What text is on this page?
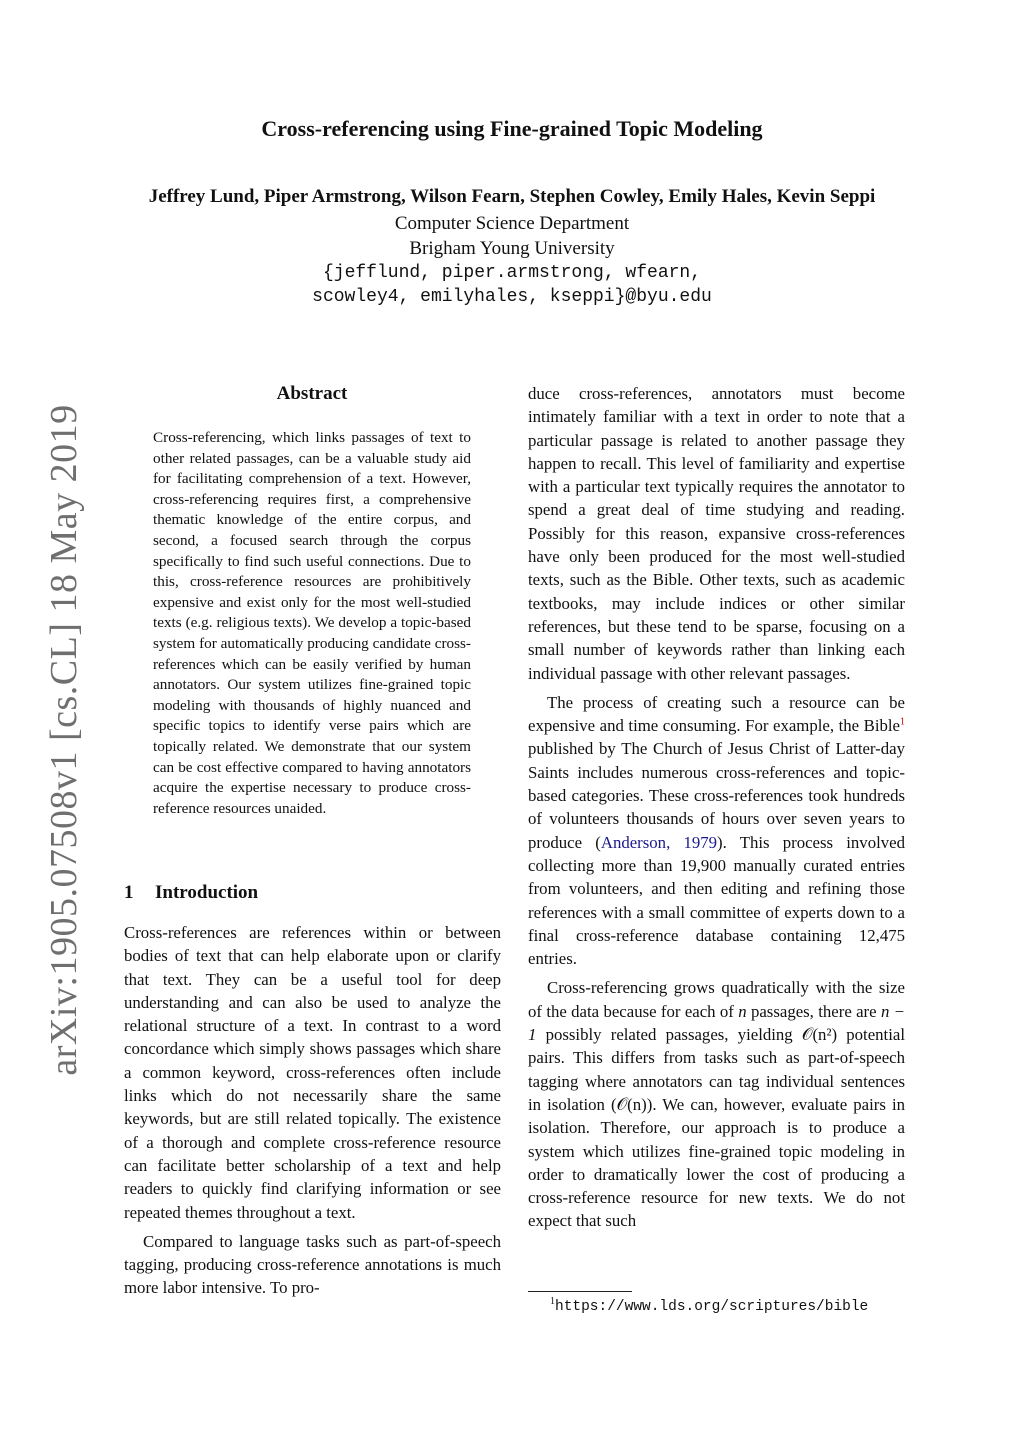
arXiv:1905.07508v1 [cs.CL] 18 May 2019
Cross-referencing using Fine-grained Topic Modeling
Jeffrey Lund, Piper Armstrong, Wilson Fearn, Stephen Cowley, Emily Hales, Kevin Seppi
Computer Science Department
Brigham Young University
{jefflund, piper.armstrong, wfearn,
scowley4, emilyhales, kseppi}@byu.edu
Abstract
Cross-referencing, which links passages of text to other related passages, can be a valuable study aid for facilitating comprehension of a text. However, cross-referencing requires first, a comprehensive thematic knowledge of the entire corpus, and second, a focused search through the corpus specifically to find such useful connections. Due to this, cross-reference resources are prohibitively expensive and exist only for the most well-studied texts (e.g. religious texts). We develop a topic-based system for automatically producing candidate cross-references which can be easily verified by human annotators. Our system utilizes fine-grained topic modeling with thousands of highly nuanced and specific topics to identify verse pairs which are topically related. We demonstrate that our system can be cost effective compared to having annotators acquire the expertise necessary to produce cross-reference resources unaided.
1 Introduction

Cross-references are references within or between bodies of text that can help elaborate upon or clarify that text. They can be a useful tool for deep understanding and can also be used to analyze the relational structure of a text. In contrast to a word concordance which simply shows passages which share a common keyword, cross-references often include links which do not necessarily share the same keywords, but are still related topically. The existence of a thorough and complete cross-reference resource can facilitate better scholarship of a text and help readers to quickly find clarifying information or see repeated themes throughout a text.

Compared to language tasks such as part-of-speech tagging, producing cross-reference annotations is much more labor intensive. To pro-

duce cross-references, annotators must become intimately familiar with a text in order to note that a particular passage is related to another passage they happen to recall. This level of familiarity and expertise with a particular text typically requires the annotator to spend a great deal of time studying and reading. Possibly for this reason, expansive cross-references have only been produced for the most well-studied texts, such as the Bible. Other texts, such as academic textbooks, may include indices or other similar references, but these tend to be sparse, focusing on a small number of keywords rather than linking each individual passage with other relevant passages.

The process of creating such a resource can be expensive and time consuming. For example, the Bible$^1$ published by The Church of Jesus Christ of Latter-day Saints includes numerous cross-references and topic-based categories. These cross-references took hundreds of volunteers thousands of hours over seven years to produce (Anderson, 1979). This process involved collecting more than 19,900 manually curated entries from volunteers, and then editing and refining those references with a small committee of experts down to a final cross-reference database containing 12,475 entries.

Cross-referencing grows quadratically with the size of the data because for each of n passages, there are n − 1 possibly related passages, yielding 𝒪(n²) potential pairs. This differs from tasks such as part-of-speech tagging where annotators can tag individual sentences in isolation (𝒪(n)). We can, however, evaluate pairs in isolation. Therefore, our approach is to produce a system which utilizes fine-grained topic modeling in order to dramatically lower the cost of producing a cross-reference resource for new texts. We do not expect that such

$^1$https://www.lds.org/scriptures/bible
